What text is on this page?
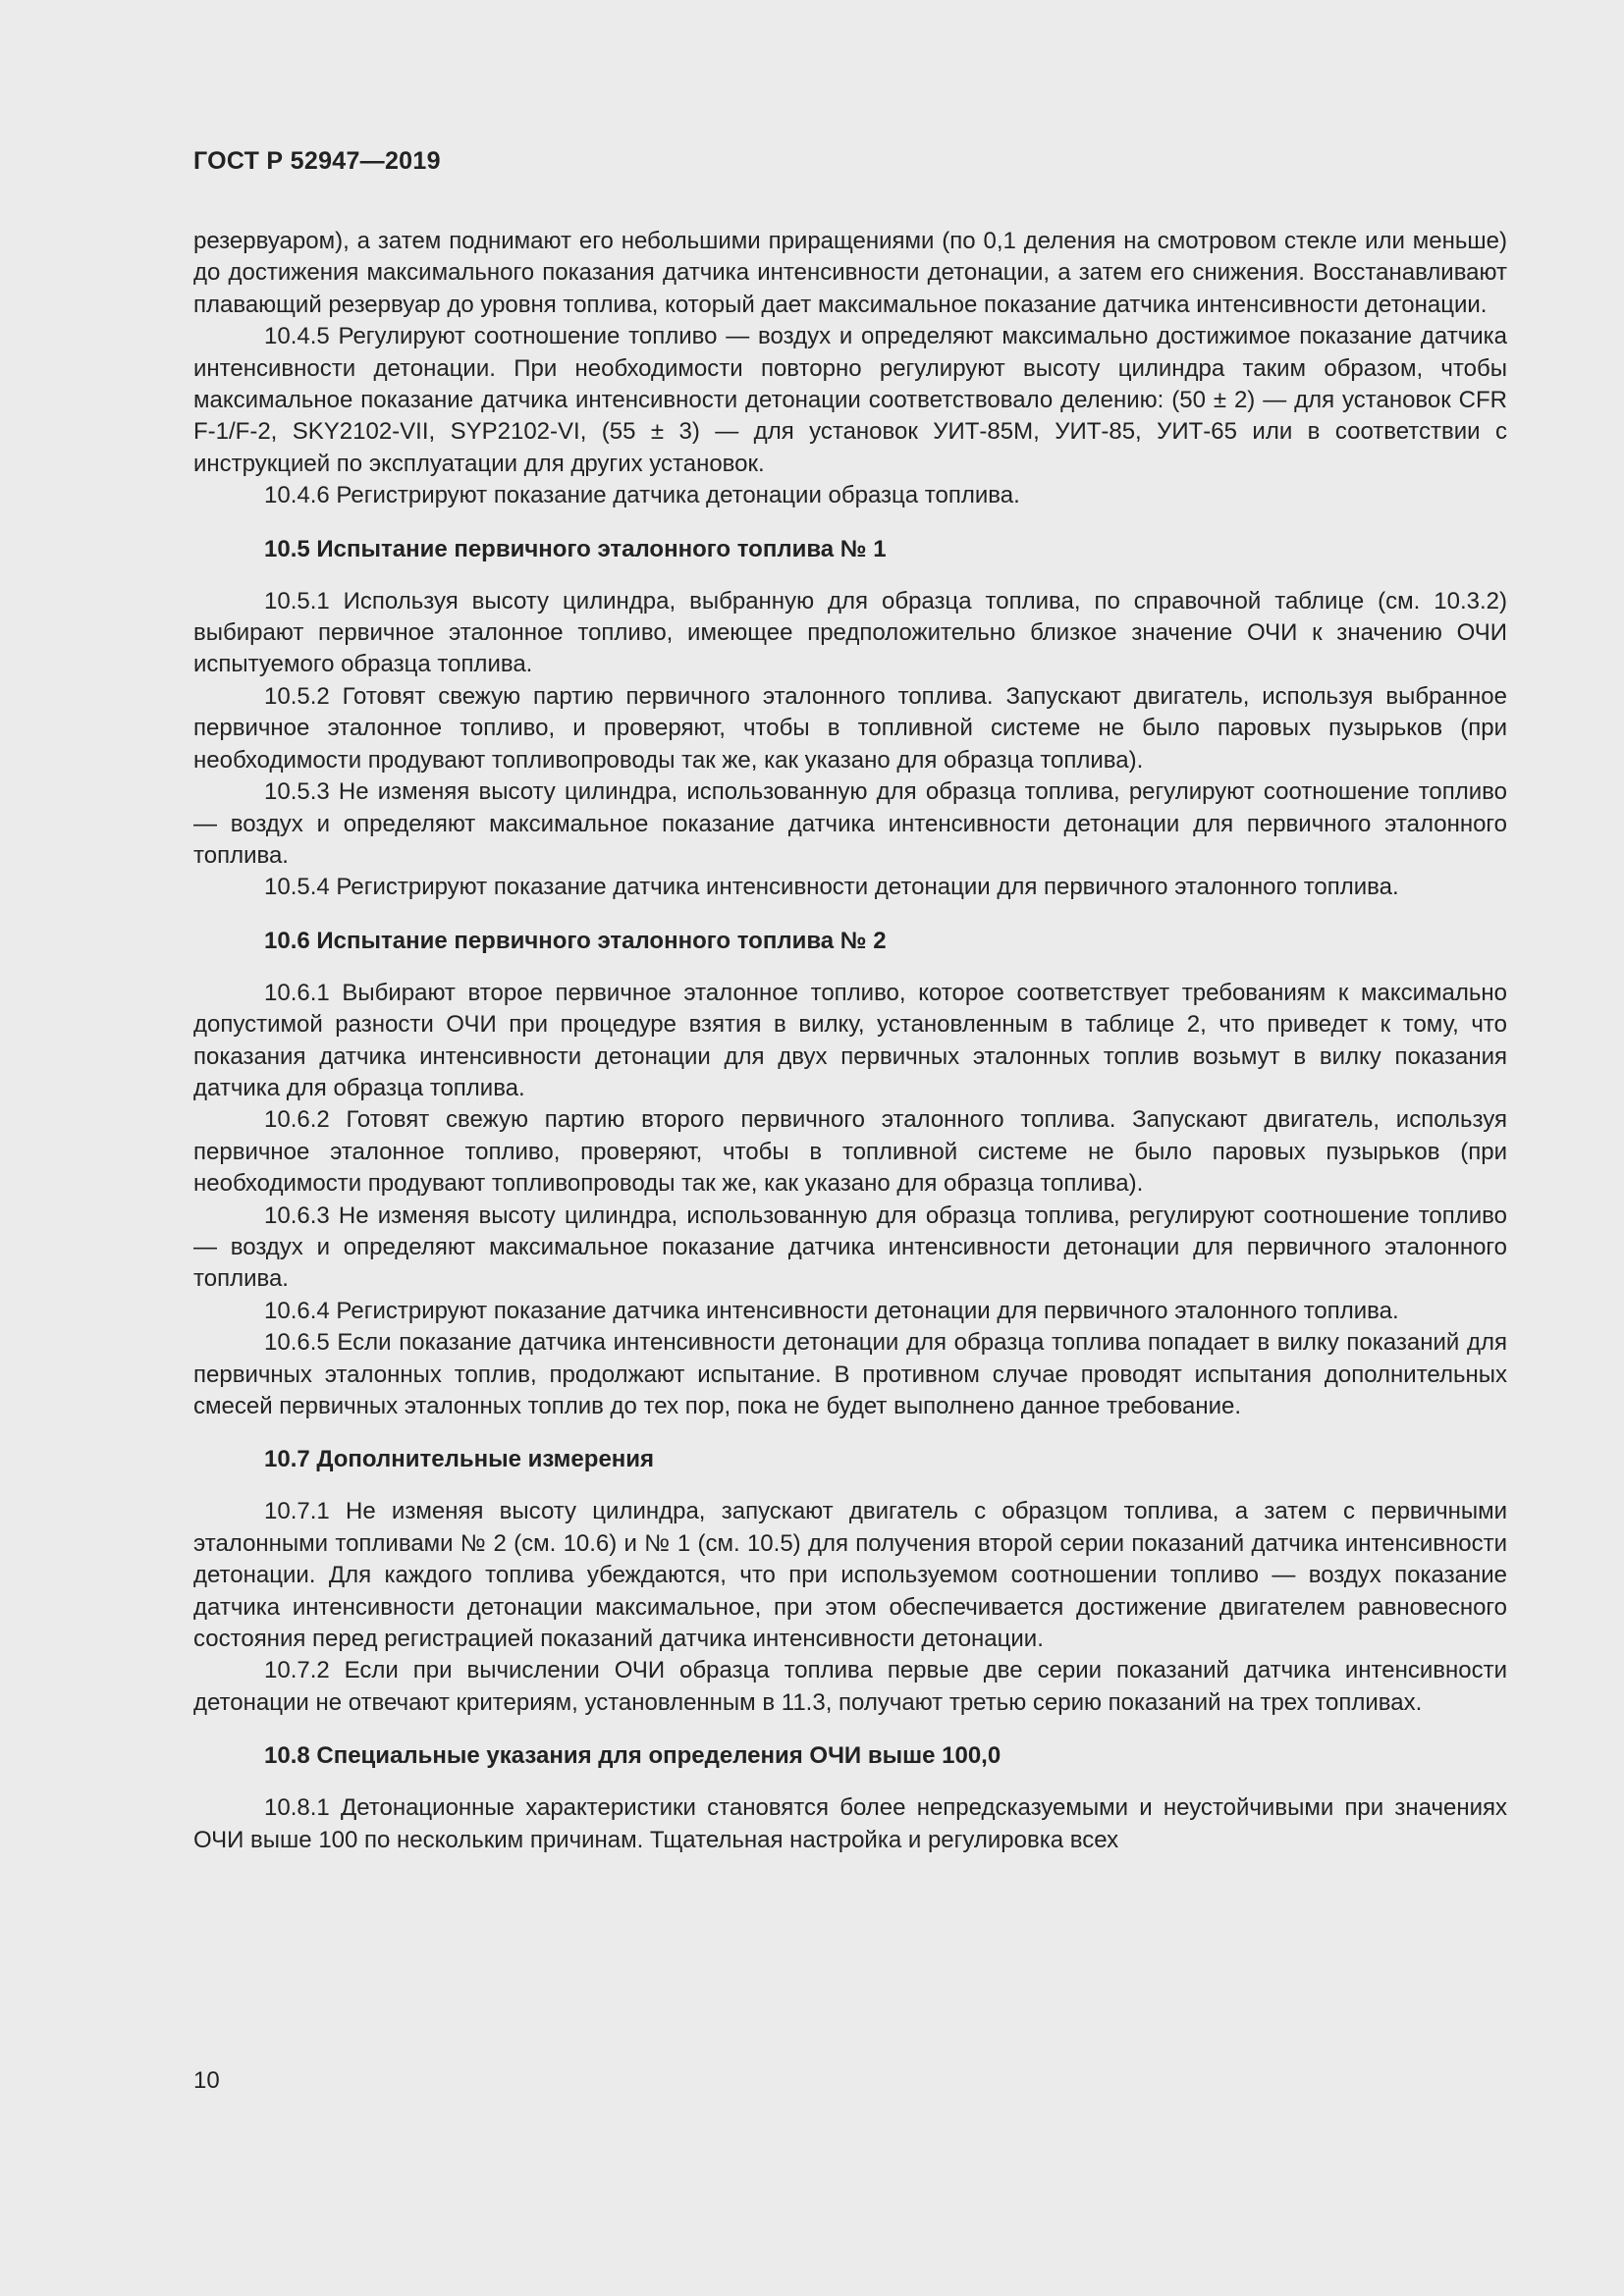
ГОСТ Р 52947—2019

резервуаром), а затем поднимают его небольшими приращениями (по 0,1 деления на смотровом стекле или меньше) до достижения максимального показания датчика интенсивности детонации, а затем его снижения. Восстанавливают плавающий резервуар до уровня топлива, который дает максимальное показание датчика интенсивности детонации.

10.4.5 Регулируют соотношение топливо — воздух и определяют максимально достижимое показание датчика интенсивности детонации. При необходимости повторно регулируют высоту цилиндра таким образом, чтобы максимальное показание датчика интенсивности детонации соответствовало делению: (50 ± 2) — для установок CFR F-1/F-2, SKY2102-VII, SYP2102-VI, (55 ± 3) — для установок УИТ-85М, УИТ-85, УИТ-65 или в соответствии с инструкцией по эксплуатации для других установок.

10.4.6 Регистрируют показание датчика детонации образца топлива.

10.5 Испытание первичного эталонного топлива № 1

10.5.1 Используя высоту цилиндра, выбранную для образца топлива, по справочной таблице (см. 10.3.2) выбирают первичное эталонное топливо, имеющее предположительно близкое значение ОЧИ к значению ОЧИ испытуемого образца топлива.

10.5.2 Готовят свежую партию первичного эталонного топлива. Запускают двигатель, используя выбранное первичное эталонное топливо, и проверяют, чтобы в топливной системе не было паровых пузырьков (при необходимости продувают топливопроводы так же, как указано для образца топлива).

10.5.3 Не изменяя высоту цилиндра, использованную для образца топлива, регулируют соотношение топливо — воздух и определяют максимальное показание датчика интенсивности детонации для первичного эталонного топлива.

10.5.4 Регистрируют показание датчика интенсивности детонации для первичного эталонного топлива.

10.6 Испытание первичного эталонного топлива № 2

10.6.1 Выбирают второе первичное эталонное топливо, которое соответствует требованиям к максимально допустимой разности ОЧИ при процедуре взятия в вилку, установленным в таблице 2, что приведет к тому, что показания датчика интенсивности детонации для двух первичных эталонных топлив возьмут в вилку показания датчика для образца топлива.

10.6.2 Готовят свежую партию второго первичного эталонного топлива. Запускают двигатель, используя первичное эталонное топливо, проверяют, чтобы в топливной системе не было паровых пузырьков (при необходимости продувают топливопроводы так же, как указано для образца топлива).

10.6.3 Не изменяя высоту цилиндра, использованную для образца топлива, регулируют соотношение топливо — воздух и определяют максимальное показание датчика интенсивности детонации для первичного эталонного топлива.

10.6.4 Регистрируют показание датчика интенсивности детонации для первичного эталонного топлива.

10.6.5 Если показание датчика интенсивности детонации для образца топлива попадает в вилку показаний для первичных эталонных топлив, продолжают испытание. В противном случае проводят испытания дополнительных смесей первичных эталонных топлив до тех пор, пока не будет выполнено данное требование.

10.7 Дополнительные измерения

10.7.1 Не изменяя высоту цилиндра, запускают двигатель с образцом топлива, а затем с первичными эталонными топливами № 2 (см. 10.6) и № 1 (см. 10.5) для получения второй серии показаний датчика интенсивности детонации. Для каждого топлива убеждаются, что при используемом соотношении топливо — воздух показание датчика интенсивности детонации максимальное, при этом обеспечивается достижение двигателем равновесного состояния перед регистрацией показаний датчика интенсивности детонации.

10.7.2 Если при вычислении ОЧИ образца топлива первые две серии показаний датчика интенсивности детонации не отвечают критериям, установленным в 11.3, получают третью серию показаний на трех топливах.

10.8 Специальные указания для определения ОЧИ выше 100,0

10.8.1 Детонационные характеристики становятся более непредсказуемыми и неустойчивыми при значениях ОЧИ выше 100 по нескольким причинам. Тщательная настройка и регулировка всех

10
